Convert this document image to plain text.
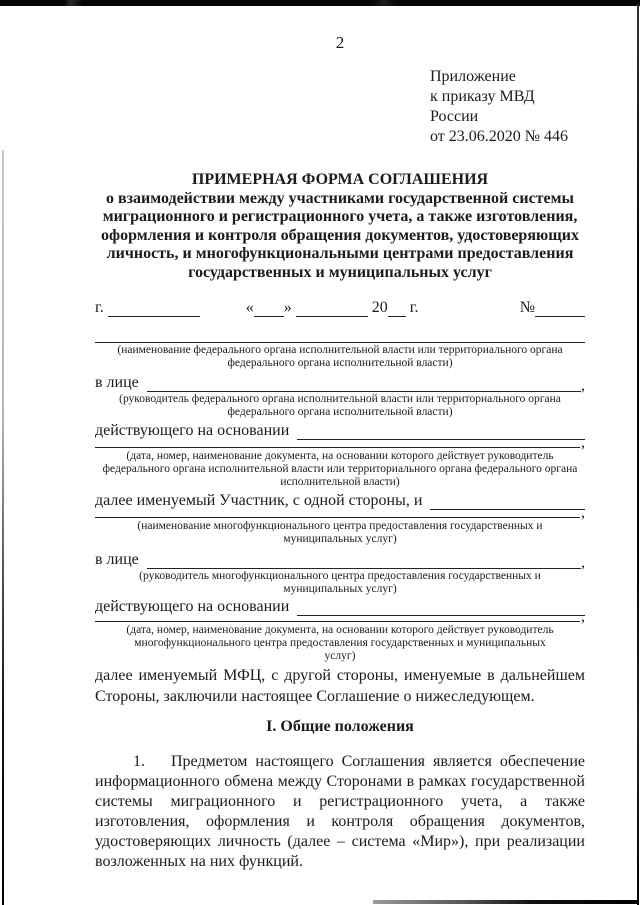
2
Приложение
к приказу МВД России
от 23.06.2020 № 446
ПРИМЕРНАЯ ФОРМА СОГЛАШЕНИЯ
о взаимодействии между участниками государственной системы
миграционного и регистрационного учета, а также изготовления,
оформления и контроля обращения документов, удостоверяющих
личность, и многофункциональными центрами предоставления
государственных и муниципальных услуг
г.
	« »	20 г.	№
(наименование федерального органа исполнительной власти или территориального органа федерального органа исполнительной власти)
в лице	,
(руководитель федерального органа исполнительной власти или территориального органа федерального органа исполнительной власти)
действующего на основании
,
(дата, номер, наименование документа, на основании которого действует руководитель федерального органа исполнительной власти или территориального органа федерального органа исполнительной власти)
далее именуемый Участник, с одной стороны, и
,
(наименование многофункционального центра предоставления государственных и муниципальных услуг)
в лице	,
(руководитель многофункционального центра предоставления государственных и муниципальных услуг)
действующего на основании
,
(дата, номер, наименование документа, на основании которого действует руководитель многофункционального центра предоставления государственных и муниципальных услуг)
далее именуемый МФЦ, с другой стороны, именуемые в дальнейшем Стороны, заключили настоящее Соглашение о нижеследующем.
I. Общие положения
1. Предметом настоящего Соглашения является обеспечение информационного обмена между Сторонами в рамках государственной системы миграционного и регистрационного учета, а также изготовления, оформления и контроля обращения документов, удостоверяющих личность (далее – система «Мир»), при реализации возложенных на них функций.
